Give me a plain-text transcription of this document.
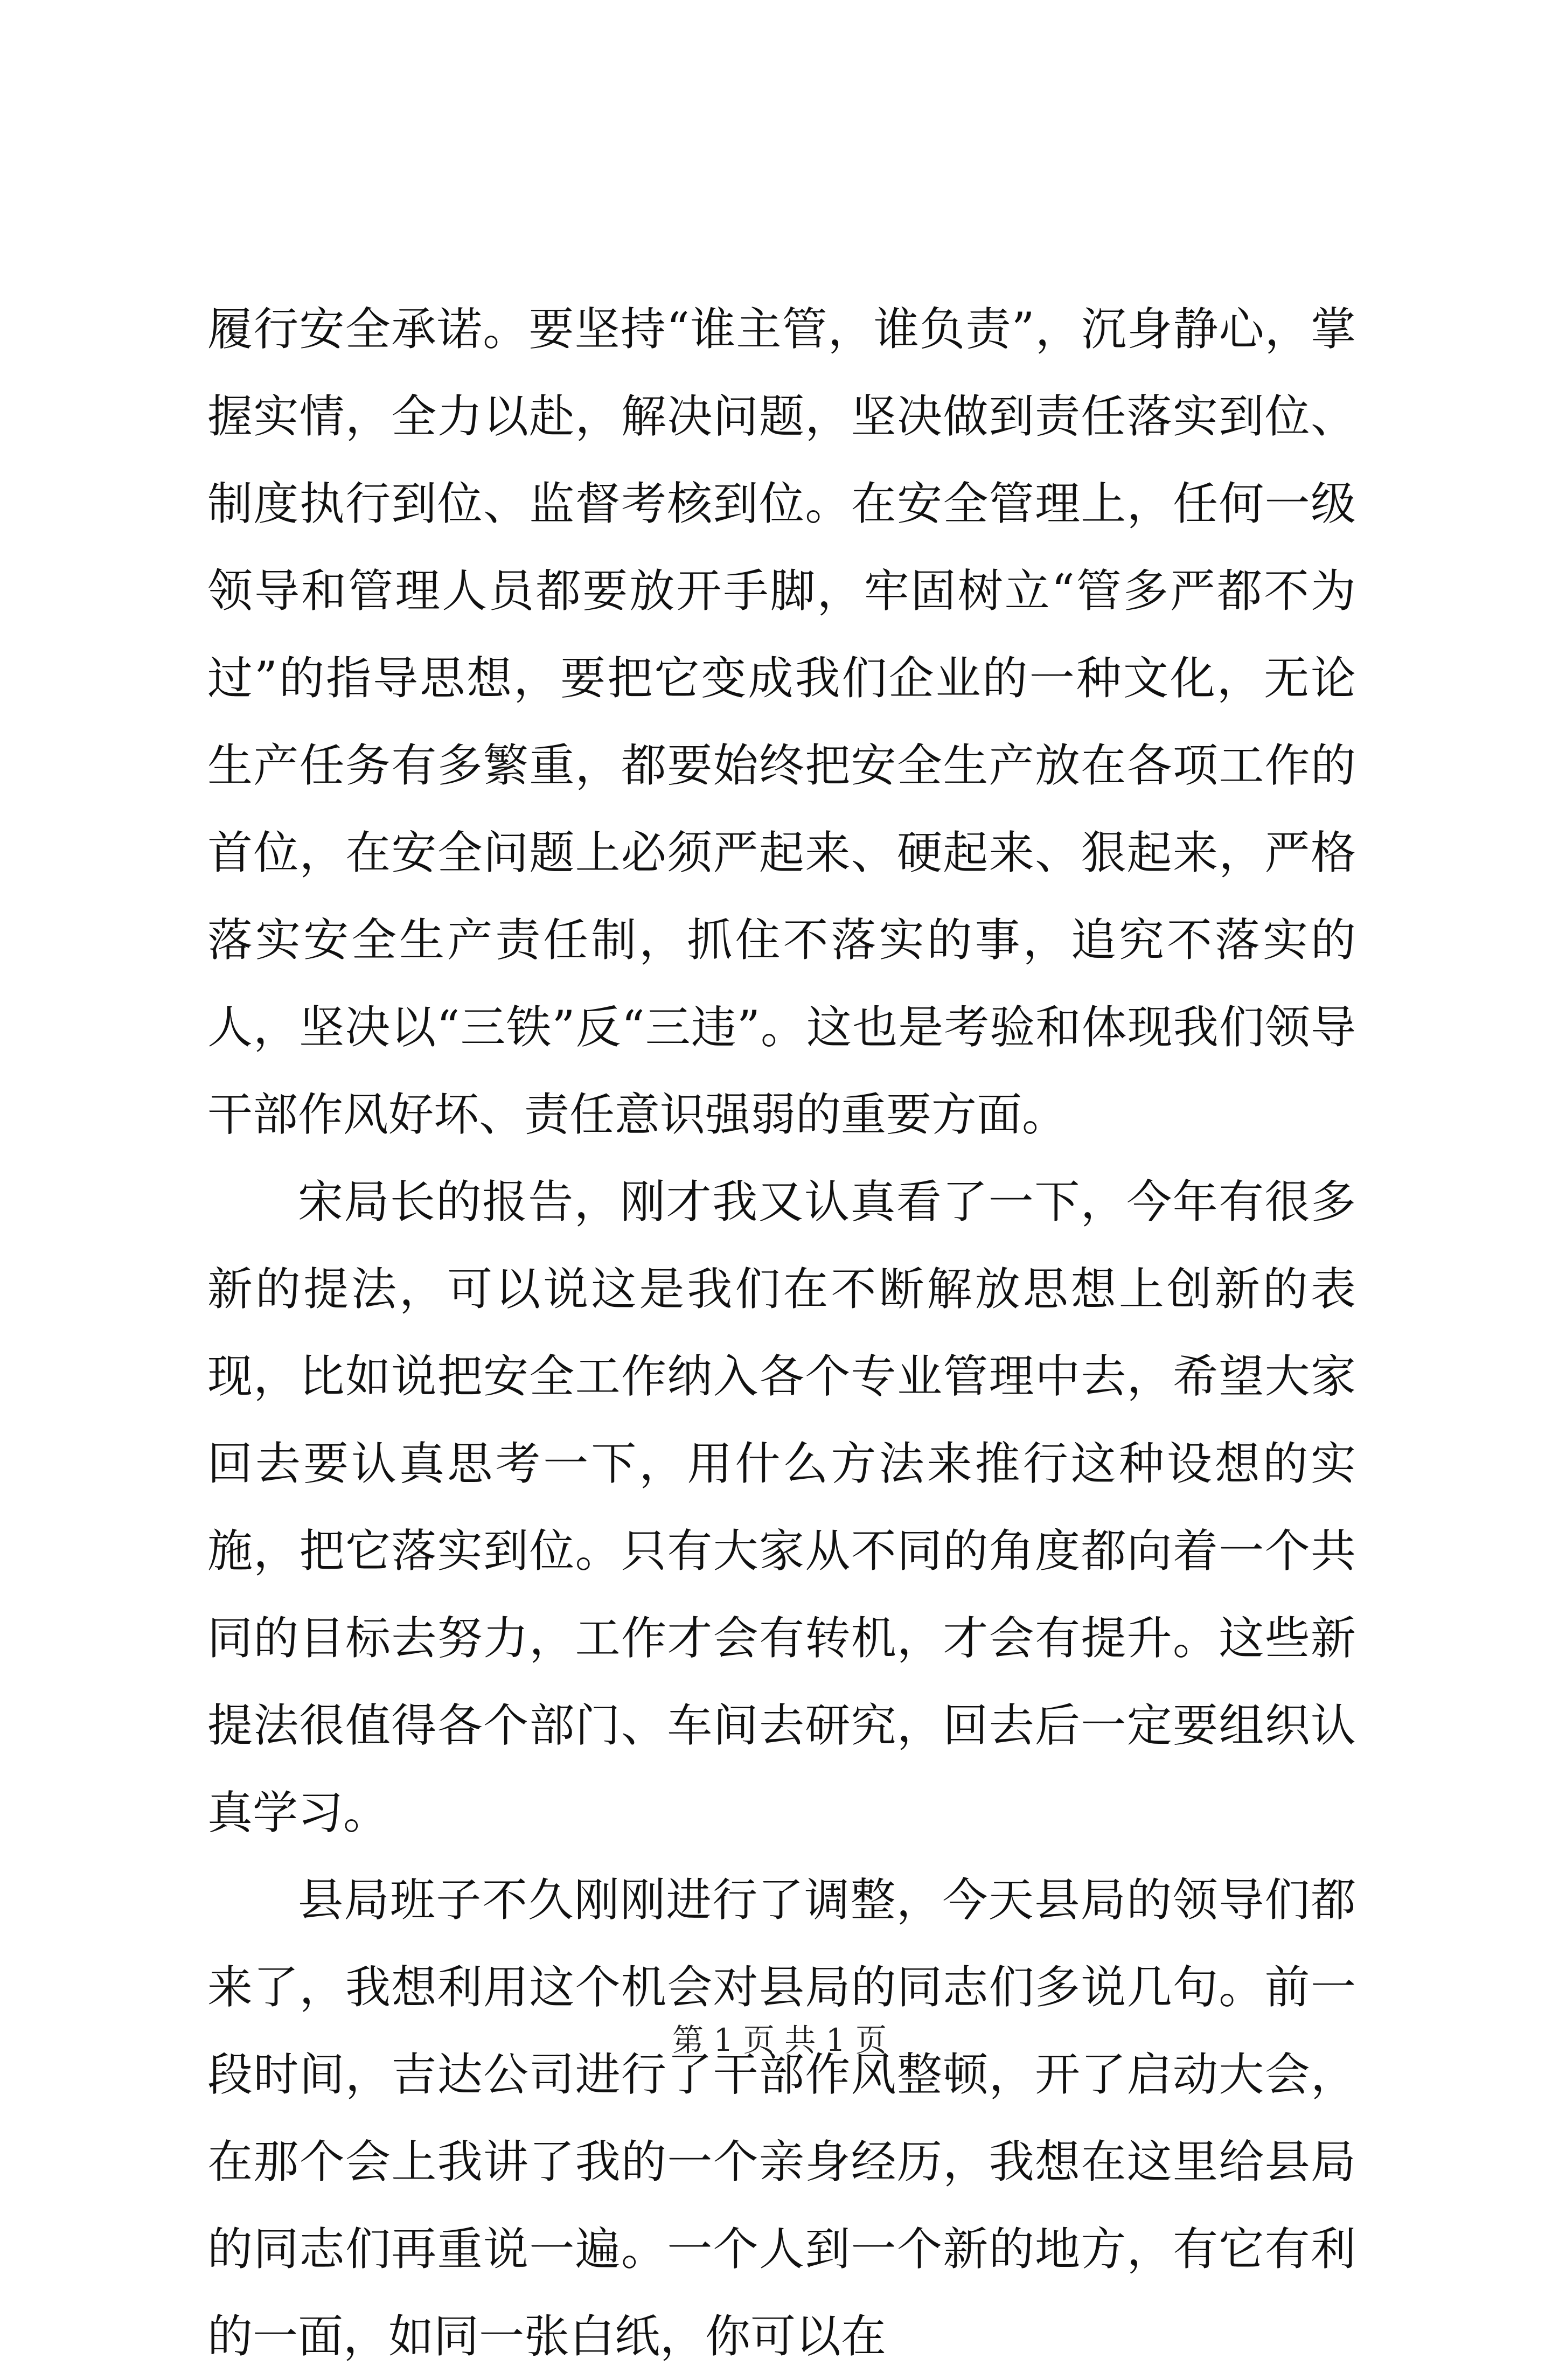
履行安全承诺。要坚持“谁主管，谁负责”，沉身静心，掌握实情，全力以赴，解决问题，坚决做到责任落实到位、制度执行到位、监督考核到位。在安全管理上，任何一级领导和管理人员都要放开手脚，牢固树立“管多严都不为过”的指导思想，要把它变成我们企业的一种文化，无论生产任务有多繁重，都要始终把安全生产放在各项工作的首位，在安全问题上必须严起来、硬起来、狠起来，严格落实安全生产责任制，抓住不落实的事，追究不落实的人，坚决以“三铁”反“三违”。这也是考验和体现我们领导干部作风好坏、责任意识强弱的重要方面。

宋局长的报告，刚才我又认真看了一下，今年有很多新的提法，可以说这是我们在不断解放思想上创新的表现，比如说把安全工作纳入各个专业管理中去，希望大家回去要认真思考一下，用什么方法来推行这种设想的实施，把它落实到位。只有大家从不同的角度都向着一个共同的目标去努力，工作才会有转机，才会有提升。这些新提法很值得各个部门、车间去研究，回去后一定要组织认真学习。

县局班子不久刚刚进行了调整，今天县局的领导们都来了，我想利用这个机会对县局的同志们多说几句。前一段时间，吉达公司进行了干部作风整顿，开了启动大会，在那个会上我讲了我的一个亲身经历，我想在这里给县局的同志们再重说一遍。一个人到一个新的地方，有它有利的一面，如同一张白纸，你可以在

第 1 页 共 1 页
